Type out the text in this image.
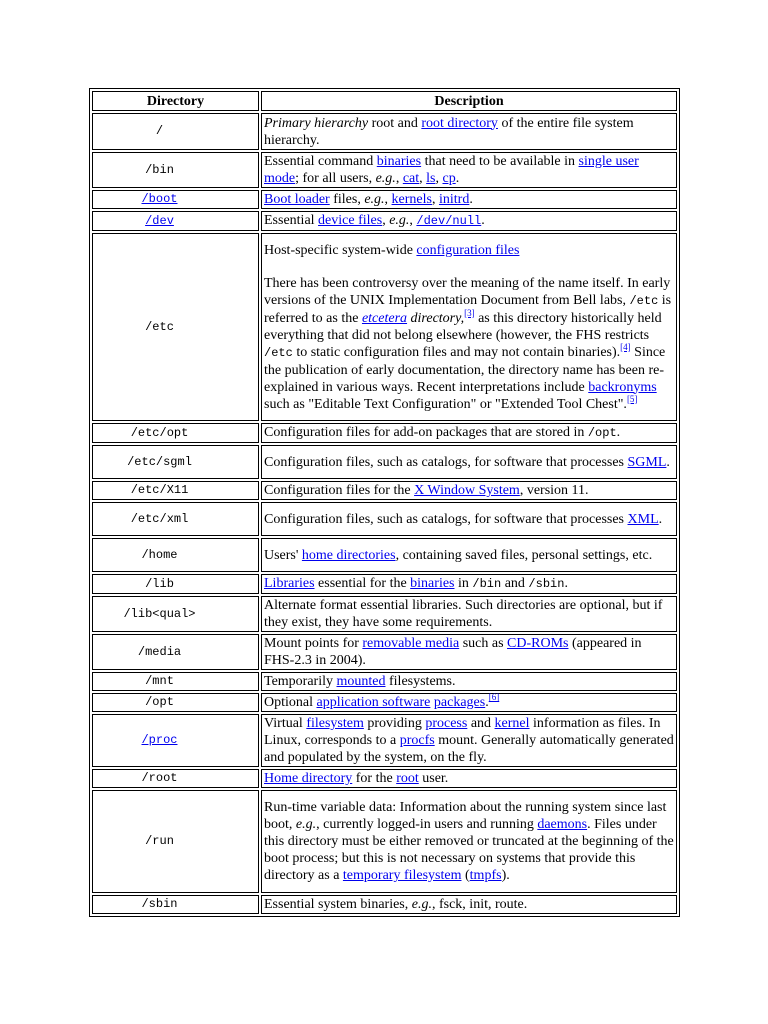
Directory	Description
/	Primary hierarchy root and root directory of the entire file system hierarchy.
/bin	Essential command binaries that need to be available in single user mode; for all users, e.g., cat, ls, cp.
/boot	Boot loader files, e.g., kernels, initrd.
/dev	Essential device files, e.g., /dev/null.
/etc	Host-specific system-wide configuration files
There has been controversy over the meaning of the name itself. In early versions of the UNIX Implementation Document from Bell labs, /etc is referred to as the etcetera directory,[3] as this directory historically held everything that did not belong elsewhere (however, the FHS restricts /etc to static configuration files and may not contain binaries).[4] Since the publication of early documentation, the directory name has been re-explained in various ways. Recent interpretations include backronyms such as "Editable Text Configuration" or "Extended Tool Chest".[5]
/etc/opt	Configuration files for add-on packages that are stored in /opt.
/etc/sgml	Configuration files, such as catalogs, for software that processes SGML.
/etc/X11	Configuration files for the X Window System, version 11.
/etc/xml	Configuration files, such as catalogs, for software that processes XML.
/home	Users' home directories, containing saved files, personal settings, etc.
/lib	Libraries essential for the binaries in /bin and /sbin.
/lib<qual>	Alternate format essential libraries. Such directories are optional, but if they exist, they have some requirements.
/media	Mount points for removable media such as CD-ROMs (appeared in FHS-2.3 in 2004).
/mnt	Temporarily mounted filesystems.
/opt	Optional application software packages.[6]
/proc	Virtual filesystem providing process and kernel information as files. In Linux, corresponds to a procfs mount. Generally automatically generated and populated by the system, on the fly.
/root	Home directory for the root user.
/run	Run-time variable data: Information about the running system since last boot, e.g., currently logged-in users and running daemons. Files under this directory must be either removed or truncated at the beginning of the boot process; but this is not necessary on systems that provide this directory as a temporary filesystem (tmpfs).
/sbin	Essential system binaries, e.g., fsck, init, route.
